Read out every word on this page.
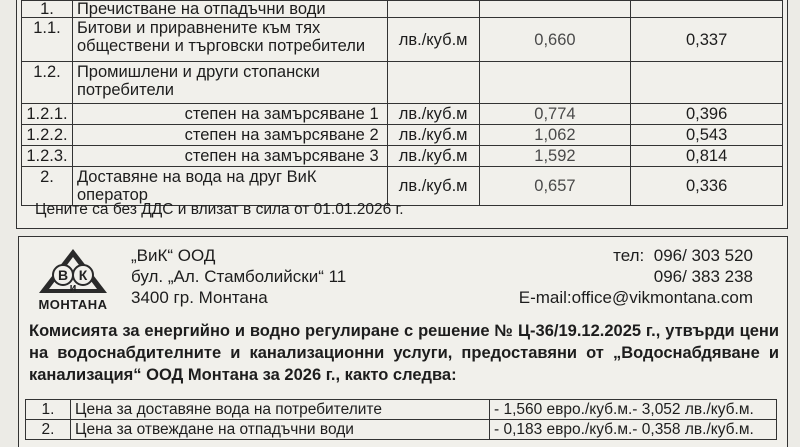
1.	Пречистване на отпадъчни води			
1.1.	Битови и приравнените към тях обществени и търговски потребители	лв./куб.м	0,660	0,337
1.2.	Промишлени и други стопански потребители			
1.2.1.	степен на замърсяване 1	лв./куб.м	0,774	0,396
1.2.2.	степен на замърсяване 2	лв./куб.м	1,062	0,543
1.2.3.	степен на замърсяване 3	лв./куб.м	1,592	0,814
2.	Доставяне на вода на друг ВиК оператор	лв./куб.м	0,657	0,336
Цените са без ДДС и влизат в сила от 01.01.2026 г.
В К
и
МОНТАНА
„ВиК“ ООД
бул. „Ал. Стамболийски“ 11
3400 гр. Монтана
тел: 096/ 303 520
096/ 383 238
E-mail:office@vikmontana.com
Комисията за енергийно и водно регулиране с решение № Ц-36/19.12.2025 г., утвърди цени на водоснабдителните и канализационни услуги, предоставяни от „Водоснабдяване и канализация“ ООД Монтана за 2026 г., както следва:
1.	Цена за доставяне вода на потребителите	- 1,560 евро./куб.м.- 3,052 лв./куб.м.
2.	Цена за отвеждане на отпадъчни води	- 0,183 евро./куб.м.- 0,358 лв./куб.м.
